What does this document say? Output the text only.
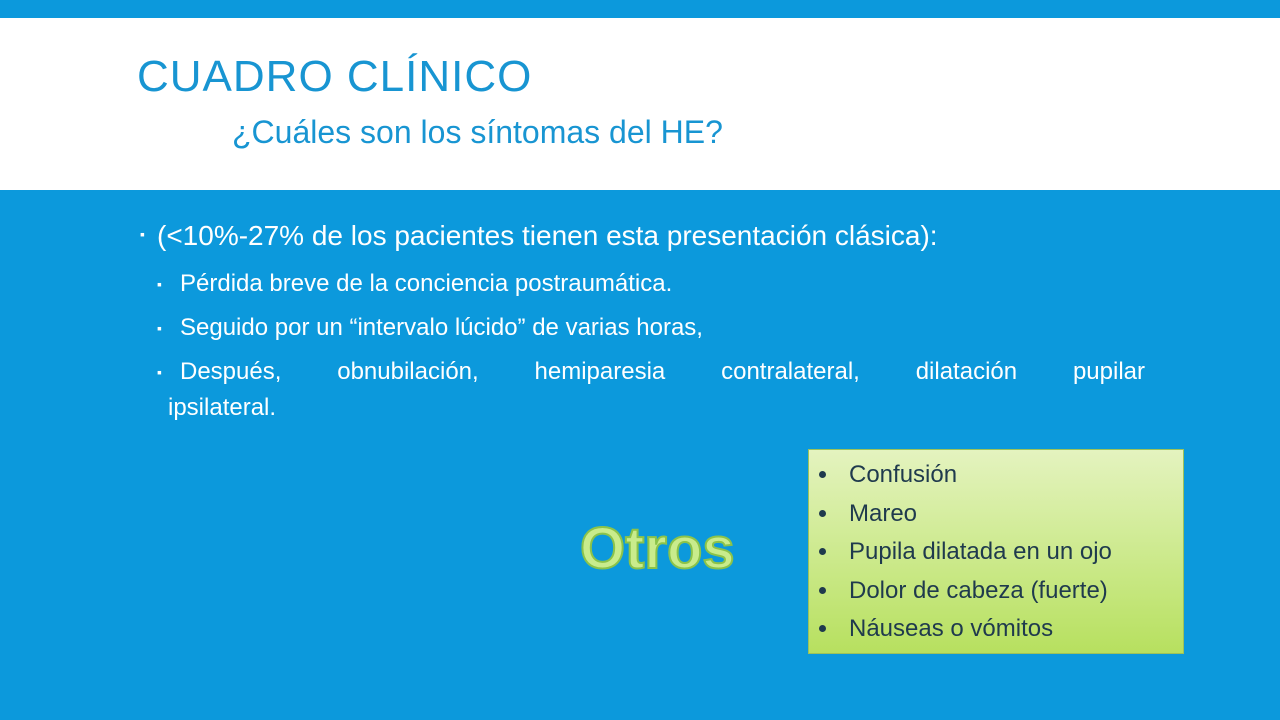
CUADRO CLÍNICO
¿Cuáles son los síntomas del HE?

▪ (<10%-27% de los pacientes tienen esta presentación clásica):

▪ Pérdida breve de la conciencia postraumática.

▪ Seguido por un “intervalo lúcido” de varias horas,

▪ Después, obnubilación, hemiparesia contralateral, dilatación pupilar
ipsilateral.

Otros

Confusión
Mareo
Pupila dilatada en un ojo
Dolor de cabeza (fuerte)
Náuseas o vómitos
